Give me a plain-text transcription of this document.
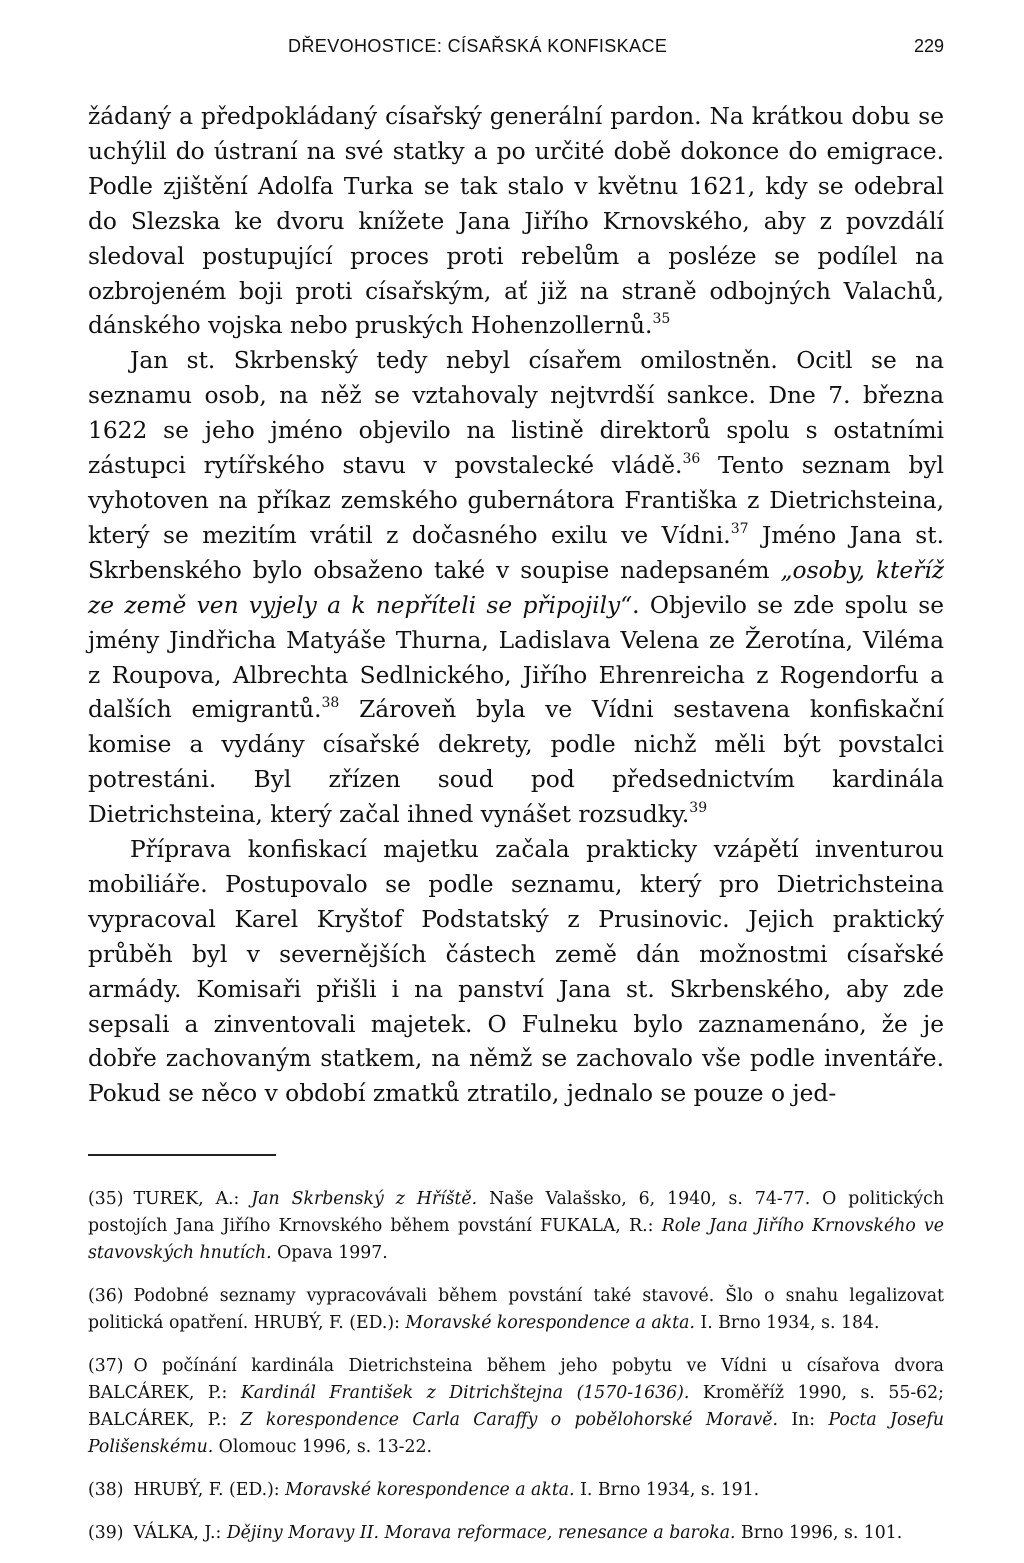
DŘEVOHOSTICE: CÍSAŘSKÁ KONFISKACE	229

žádaný a předpokládaný císařský generální pardon. Na krátkou dobu se uchýlil do ústraní na své statky a po určité době dokonce do emigrace. Podle zjištění Adolfa Turka se tak stalo v květnu 1621, kdy se odebral do Slezska ke dvoru knížete Jana Jiřího Krnovského, aby z povzdálí sledoval postupující proces proti rebelům a posléze se podílel na ozbrojeném boji proti císařským, ať již na straně odbojných Valachů, dánského vojska nebo pruských Hohenzollernů.$^{35}$

Jan st. Skrbenský tedy nebyl císařem omilostněn. Ocitl se na seznamu osob, na něž se vztahovaly nejtvrdší sankce. Dne 7. března 1622 se jeho jméno objevilo na listině direktorů spolu s ostatními zástupci rytířského stavu v povstalecké vládě.$^{36}$ Tento seznam byl vyhotoven na příkaz zemského gubernátora Františka z Dietrichsteina, který se mezitím vrátil z dočasného exilu ve Vídni.$^{37}$ Jméno Jana st. Skrbenského bylo obsaženo také v soupise nadepsaném „osoby, kteříž ze země ven vyjely a k nepříteli se připojily“. Objevilo se zde spolu se jmény Jindřicha Matyáše Thurna, Ladislava Velena ze Žerotína, Viléma z Roupova, Albrechta Sedlnického, Jiřího Ehrenreicha z Rogendorfu a dalších emigrantů.$^{38}$ Zároveň byla ve Vídni sestavena konfiskační komise a vydány císařské dekrety, podle nichž měli být povstalci potrestáni. Byl zřízen soud pod předsednictvím kardinála Dietrichsteina, který začal ihned vynášet rozsudky.$^{39}$

Příprava konfiskací majetku začala prakticky vzápětí inventurou mobiliáře. Postupovalo se podle seznamu, který pro Dietrichsteina vypracoval Karel Kryštof Podstatský z Prusinovic. Jejich praktický průběh byl v severnějších částech země dán možnostmi císařské armády. Komisaři přišli i na panství Jana st. Skrbenského, aby zde sepsali a zinventovali majetek. O Fulneku bylo zaznamenáno, že je dobře zachovaným statkem, na němž se zachovalo vše podle inventáře. Pokud se něco v období zmatků ztratilo, jednalo se pouze o jed-

(35) TUREK, A.: Jan Skrbenský z Hříště. Naše Valašsko, 6, 1940, s. 74-77. O politických postojích Jana Jiřího Krnovského během povstání FUKALA, R.: Role Jana Jiřího Krnovského ve stavovských hnutích. Opava 1997.

(36) Podobné seznamy vypracovávali během povstání také stavové. Šlo o snahu legalizovat politická opatření. HRUBÝ, F. (ED.): Moravské korespondence a akta. I. Brno 1934, s. 184.

(37) O počínání kardinála Dietrichsteina během jeho pobytu ve Vídni u císařova dvora BALCÁREK, P.: Kardinál František z Ditrichštejna (1570-1636). Kroměříž 1990, s. 55-62; BALCÁREK, P.: Z korespondence Carla Caraffy o pobělohorské Moravě. In: Pocta Josefu Polišenskému. Olomouc 1996, s. 13-22.

(38) HRUBÝ, F. (ED.): Moravské korespondence a akta. I. Brno 1934, s. 191.

(39) VÁLKA, J.: Dějiny Moravy II. Morava reformace, renesance a baroka. Brno 1996, s. 101.
